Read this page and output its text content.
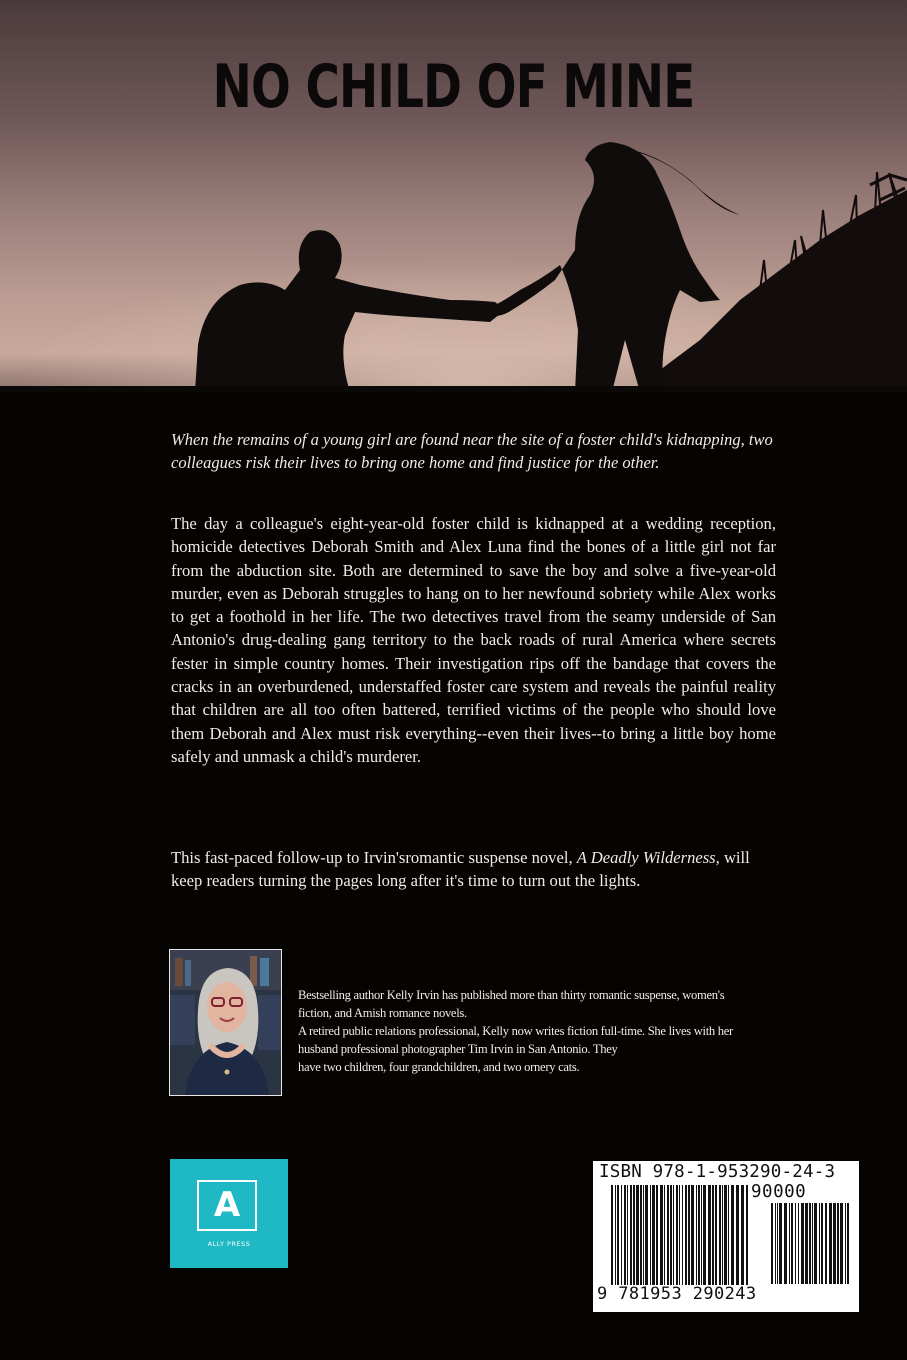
NO CHILD OF MINE

When the remains of a young girl are found near the site of a foster child's kidnapping, two colleagues risk their lives to bring one home and find justice for the other.

The day a colleague's eight-year-old foster child is kidnapped at a wedding reception, homicide detectives Deborah Smith and Alex Luna find the bones of a little girl not far from the abduction site. Both are determined to save the boy and solve a five-year-old murder, even as Deborah struggles to hang on to her newfound sobriety while Alex works to get a foothold in her life. The two detectives travel from the seamy underside of San Antonio's drug-dealing gang territory to the back roads of rural America where secrets fester in simple country homes. Their investigation rips off the bandage that covers the cracks in an overburdened, understaffed foster care system and reveals the painful reality that children are all too often battered, terrified victims of the people who should love them Deborah and Alex must risk everything--even their lives--to bring a little boy home safely and unmask a child's murderer.

This fast-paced follow-up to Irvin'sromantic suspense novel, A Deadly Wilderness, will keep readers turning the pages long after it's time to turn out the lights.

Bestselling author Kelly Irvin has published more than thirty romantic suspense, women's
fiction, and Amish romance novels.
A retired public relations professional, Kelly now writes fiction full-time. She lives with her
husband professional photographer Tim Irvin in San Antonio. They
have two children, four grandchildren, and two ornery cats.
A
ALLY PRESS
ISBN 978-1-953290-24-3
90000
9 781953 290243
